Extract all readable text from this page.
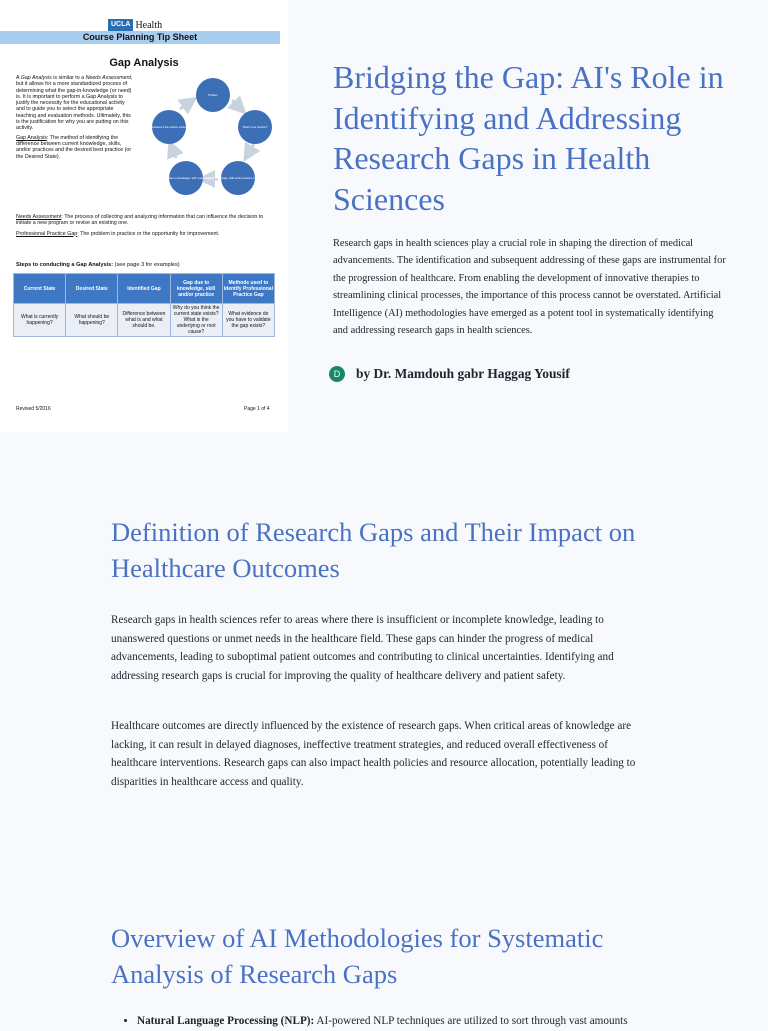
UCLA Health
Course Planning Tip Sheet
Gap Analysis

A Gap Analysis is similar to a Needs Assessment, but it allows for a more standardized process of determining what the gap-in-knowledge (or need) is. It is important to perform a Gap Analysis to justify the necessity for the educational activity and to guide you to select the appropriate teaching and evaluation methods. Ultimately, this is the justification for why you are putting on this activity.

Gap Analysis: The method of identifying the difference between current knowledge, skills, and/or practices and the desired best practice (or the Desired State).

Problem
What's your solution?
Lack of knowledge, skills and/or practice in current state
Is the problem a knowledge / skill / practice gap?
Reassess if the solution worked

Needs Assessment: The process of collecting and analyzing information that can influence the decision to initiate a new program or revise an existing one.

Professional Practice Gap: The problem in practice or the opportunity for improvement.

Steps to conducting a Gap Analysis: (see page 3 for examples)
Current State	Desired State	Identified Gap	Gap due to knowledge, skill and/or practice	Methods used to Identify Professional Practice Gap
What is currently happening?	What should be happening?	Difference between what is and what should be.	Why do you think the current state exists? What is the underlying or root cause?	What evidence do you have to validate the gap exists?
Revised 5/2016	Page 1 of 4
Bridging the Gap: AI's Role in Identifying and Addressing Research Gaps in Health Sciences

Research gaps in health sciences play a crucial role in shaping the direction of medical advancements. The identification and subsequent addressing of these gaps are instrumental for the progression of healthcare. From enabling the development of innovative therapies to streamlining clinical processes, the importance of this process cannot be overstated. Artificial Intelligence (AI) methodologies have emerged as a potent tool in systematically identifying and addressing research gaps in health sciences.

D	by Dr. Mamdouh gabr Haggag Yousif
Definition of Research Gaps and Their Impact on Healthcare Outcomes

Research gaps in health sciences refer to areas where there is insufficient or incomplete knowledge, leading to unanswered questions or unmet needs in the healthcare field. These gaps can hinder the progress of medical advancements, leading to suboptimal patient outcomes and contributing to clinical uncertainties. Identifying and addressing research gaps is crucial for improving the quality of healthcare delivery and patient safety.

Healthcare outcomes are directly influenced by the existence of research gaps. When critical areas of knowledge are lacking, it can result in delayed diagnoses, ineffective treatment strategies, and reduced overall effectiveness of healthcare interventions. Research gaps can also impact health policies and resource allocation, potentially leading to disparities in healthcare access and quality.

Overview of AI Methodologies for Systematic Analysis of Research Gaps
• Natural Language Processing (NLP): AI-powered NLP techniques are utilized to sort through vast amounts
